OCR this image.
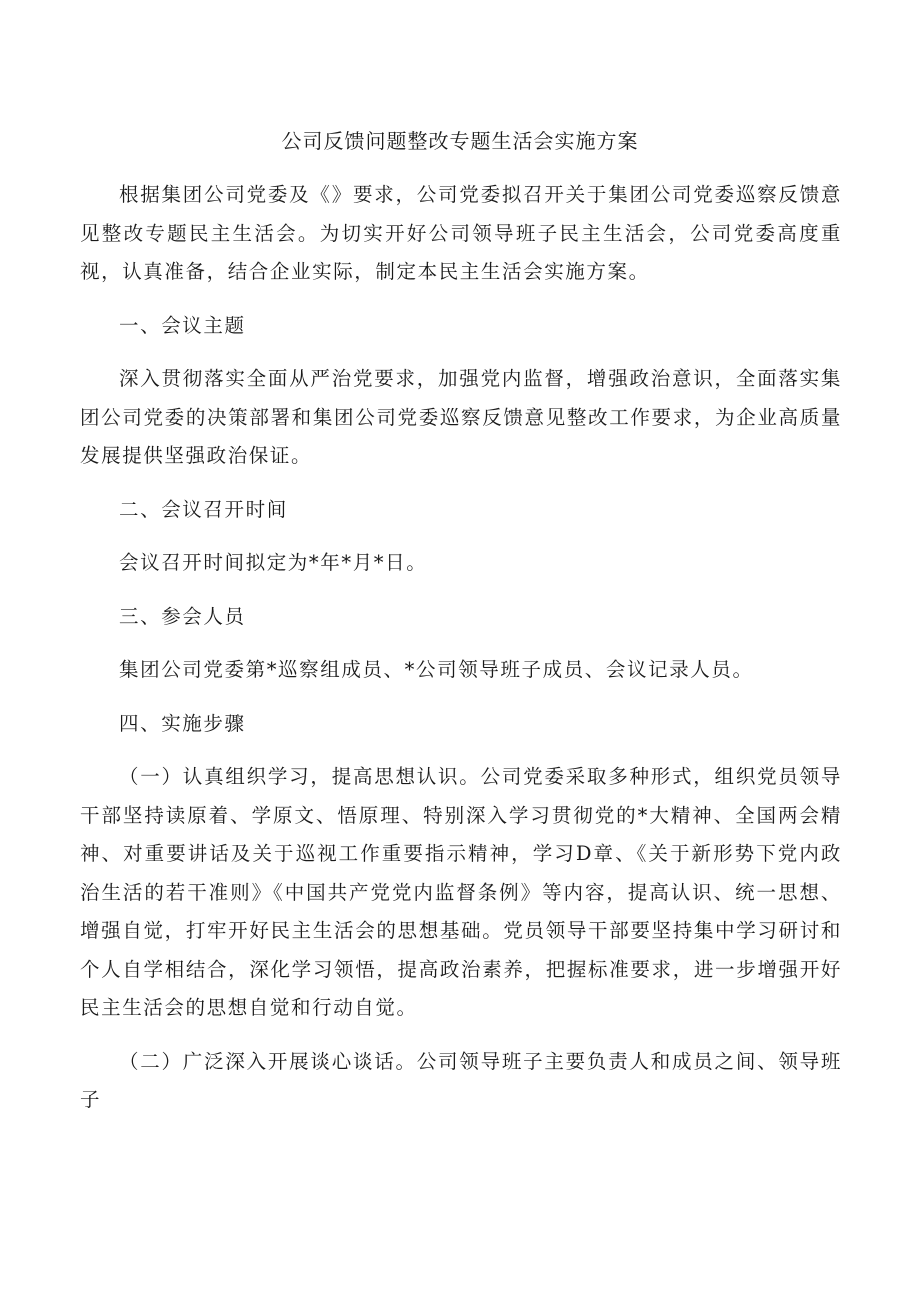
公司反馈问题整改专题生活会实施方案

根据集团公司党委及《》要求，公司党委拟召开关于集团公司党委巡察反馈意见整改专题民主生活会。为切实开好公司领导班子民主生活会，公司党委高度重视，认真准备，结合企业实际，制定本民主生活会实施方案。

一、会议主题

深入贯彻落实全面从严治党要求，加强党内监督，增强政治意识，全面落实集团公司党委的决策部署和集团公司党委巡察反馈意见整改工作要求，为企业高质量发展提供坚强政治保证。

二、会议召开时间

会议召开时间拟定为*年*月*日。

三、参会人员

集团公司党委第*巡察组成员、*公司领导班子成员、会议记录人员。

四、实施步骤

（一）认真组织学习，提高思想认识。公司党委采取多种形式，组织党员领导干部坚持读原着、学原文、悟原理、特别深入学习贯彻党的*大精神、全国两会精神、对重要讲话及关于巡视工作重要指示精神，学习D章、《关于新形势下党内政治生活的若干准则》《中国共产党党内监督条例》等内容，提高认识、统一思想、增强自觉，打牢开好民主生活会的思想基础。党员领导干部要坚持集中学习研讨和个人自学相结合，深化学习领悟，提高政治素养，把握标准要求，进一步增强开好民主生活会的思想自觉和行动自觉。

（二）广泛深入开展谈心谈话。公司领导班子主要负责人和成员之间、领导班子
